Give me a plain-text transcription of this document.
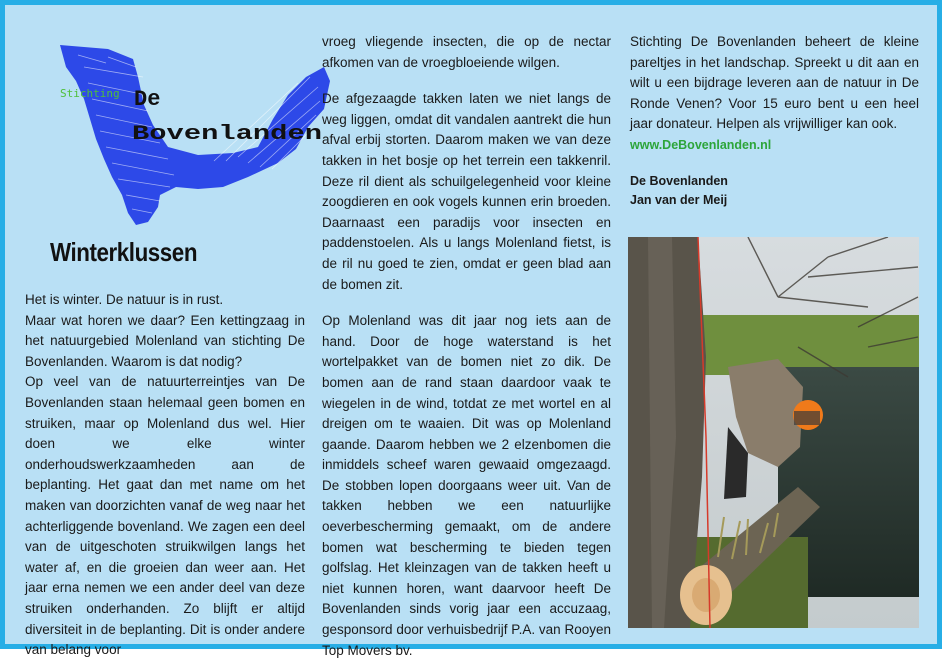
Stichting De
Bovenlanden
Winterklussen

Het is winter. De natuur is in rust.

Maar wat horen we daar? Een kettingzaag in het natuurgebied Molenland van stichting De Bovenlanden. Waarom is dat nodig?

Op veel van de natuurterreintjes van De Bovenlanden staan helemaal geen bomen en struiken, maar op Molenland dus wel. Hier doen we elke winter onderhoudswerkzaamheden aan de beplanting. Het gaat dan met name om het maken van doorzichten vanaf de weg naar het achterliggende bovenland. We zagen een deel van de uitgeschoten struikwilgen langs het water af, en die groeien dan weer aan. Het jaar erna nemen we een ander deel van deze struiken onderhanden. Zo blijft er altijd diversiteit in de beplanting. Dit is onder andere van belang voor

vroeg vliegende insecten, die op de nectar afkomen van de vroegbloeiende wilgen.

De afgezaagde takken laten we niet langs de weg liggen, omdat dit vandalen aantrekt die hun afval erbij storten. Daarom maken we van deze takken in het bosje op het terrein een takkenril. Deze ril dient als schuilgelegenheid voor kleine zoogdieren en ook vogels kunnen erin broeden. Daarnaast een paradijs voor insecten en paddenstoelen. Als u langs Molenland fietst, is de ril nu goed te zien, omdat er geen blad aan de bomen zit.

Op Molenland was dit jaar nog iets aan de hand. Door de hoge waterstand is het wortelpakket van de bomen niet zo dik. De bomen aan de rand staan daardoor vaak te wiegelen in de wind, totdat ze met wortel en al dreigen om te waaien. Dit was op Molenland gaande. Daarom hebben we 2 elzenbomen die inmiddels scheef waren gewaaid omgezaagd. De stobben lopen doorgaans weer uit. Van de takken hebben we een natuurlijke oeverbescherming gemaakt, om de andere bomen wat bescherming te bieden tegen golfslag. Het kleinzagen van de takken heeft u niet kunnen horen, want daarvoor heeft De Bovenlanden sinds vorig jaar een accuzaag, gesponsord door verhuisbedrijf P.A. van Rooyen Top Movers bv.

Stichting De Bovenlanden beheert de kleine pareltjes in het landschap. Spreekt u dit aan en wilt u een bijdrage leveren aan de natuur in De Ronde Venen? Voor 15 euro bent u een heel jaar donateur. Helpen als vrijwilliger kan ook.

www.DeBovenlanden.nl

De Bovenlanden

Jan van der Meij
